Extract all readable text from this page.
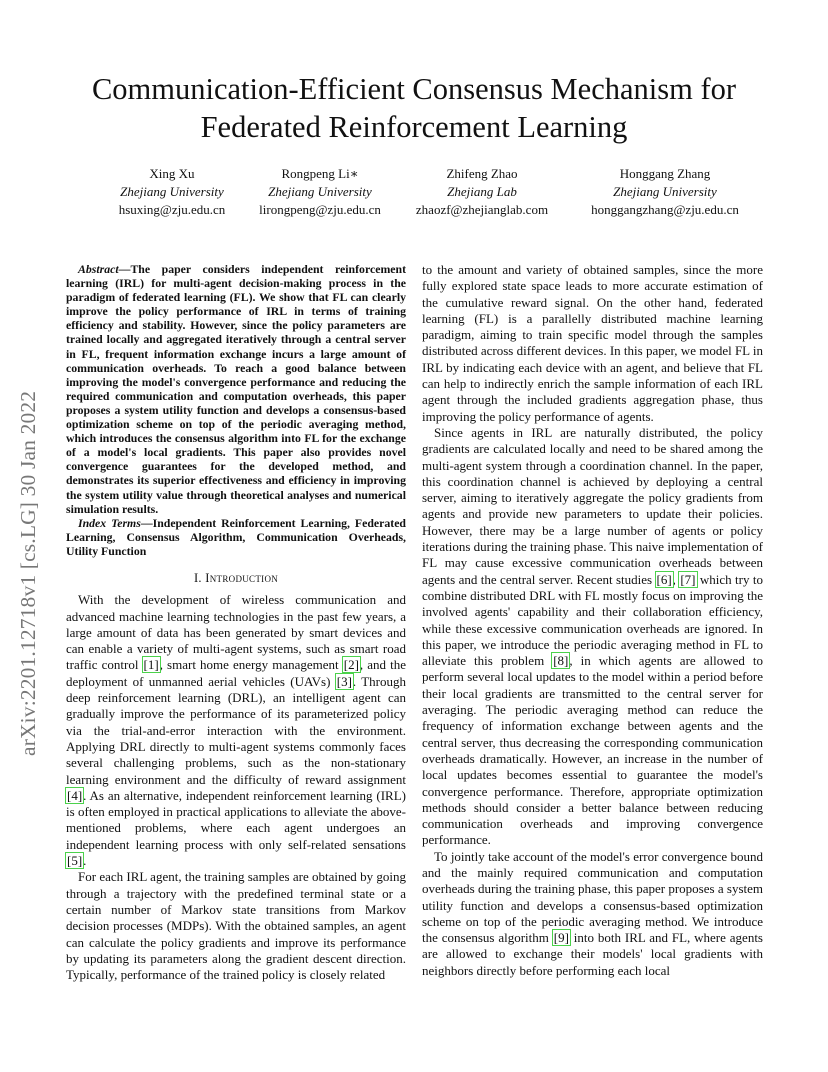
arXiv:2201.12718v1 [cs.LG] 30 Jan 2022
Communication-Efficient Consensus Mechanism for
Federated Reinforcement Learning
Xing Xu
Zhejiang University
hsuxing@zju.edu.cn
Rongpeng Li∗
Zhejiang University
lirongpeng@zju.edu.cn
Zhifeng Zhao
Zhejiang Lab
zhaozf@zhejianglab.com
Honggang Zhang
Zhejiang University
honggangzhang@zju.edu.cn

Abstract—The paper considers independent reinforcement learning (IRL) for multi-agent decision-making process in the paradigm of federated learning (FL). We show that FL can clearly improve the policy performance of IRL in terms of training efficiency and stability. However, since the policy parameters are trained locally and aggregated iteratively through a central server in FL, frequent information exchange incurs a large amount of communication overheads. To reach a good balance between improving the model's convergence performance and reducing the required communication and computation overheads, this paper proposes a system utility function and develops a consensus-based optimization scheme on top of the periodic averaging method, which introduces the consensus algorithm into FL for the exchange of a model's local gradients. This paper also provides novel convergence guarantees for the developed method, and demonstrates its superior effectiveness and efficiency in improving the system utility value through theoretical analyses and numerical simulation results.

Index Terms—Independent Reinforcement Learning, Federated Learning, Consensus Algorithm, Communication Overheads, Utility Function

I. Introduction

With the development of wireless communication and advanced machine learning technologies in the past few years, a large amount of data has been generated by smart devices and can enable a variety of multi-agent systems, such as smart road traffic control [1], smart home energy management [2], and the deployment of unmanned aerial vehicles (UAVs) [3]. Through deep reinforcement learning (DRL), an intelligent agent can gradually improve the performance of its parameterized policy via the trial-and-error interaction with the environment. Applying DRL directly to multi-agent systems commonly faces several challenging problems, such as the non-stationary learning environment and the difficulty of reward assignment [4]. As an alternative, independent reinforcement learning (IRL) is often employed in practical applications to alleviate the above-mentioned problems, where each agent undergoes an independent learning process with only self-related sensations [5].

For each IRL agent, the training samples are obtained by going through a trajectory with the predefined terminal state or a certain number of Markov state transitions from Markov decision processes (MDPs). With the obtained samples, an agent can calculate the policy gradients and improve its performance by updating its parameters along the gradient descent direction. Typically, performance of the trained policy is closely related

to the amount and variety of obtained samples, since the more fully explored state space leads to more accurate estimation of the cumulative reward signal. On the other hand, federated learning (FL) is a parallelly distributed machine learning paradigm, aiming to train specific model through the samples distributed across different devices. In this paper, we model FL in IRL by indicating each device with an agent, and believe that FL can help to indirectly enrich the sample information of each IRL agent through the included gradients aggregation phase, thus improving the policy performance of agents.

Since agents in IRL are naturally distributed, the policy gradients are calculated locally and need to be shared among the multi-agent system through a coordination channel. In the paper, this coordination channel is achieved by deploying a central server, aiming to iteratively aggregate the policy gradients from agents and provide new parameters to update their policies. However, there may be a large number of agents or policy iterations during the training phase. This naive implementation of FL may cause excessive communication overheads between agents and the central server. Recent studies [6], [7] which try to combine distributed DRL with FL mostly focus on improving the involved agents' capability and their collaboration efficiency, while these excessive communication overheads are ignored. In this paper, we introduce the periodic averaging method in FL to alleviate this problem [8], in which agents are allowed to perform several local updates to the model within a period before their local gradients are transmitted to the central server for averaging. The periodic averaging method can reduce the frequency of information exchange between agents and the central server, thus decreasing the corresponding communication overheads dramatically. However, an increase in the number of local updates becomes essential to guarantee the model's convergence performance. Therefore, appropriate optimization methods should consider a better balance between reducing communication overheads and improving convergence performance.

To jointly take account of the model's error convergence bound and the mainly required communication and computation overheads during the training phase, this paper proposes a system utility function and develops a consensus-based optimization scheme on top of the periodic averaging method. We introduce the consensus algorithm [9] into both IRL and FL, where agents are allowed to exchange their models' local gradients with neighbors directly before performing each local
